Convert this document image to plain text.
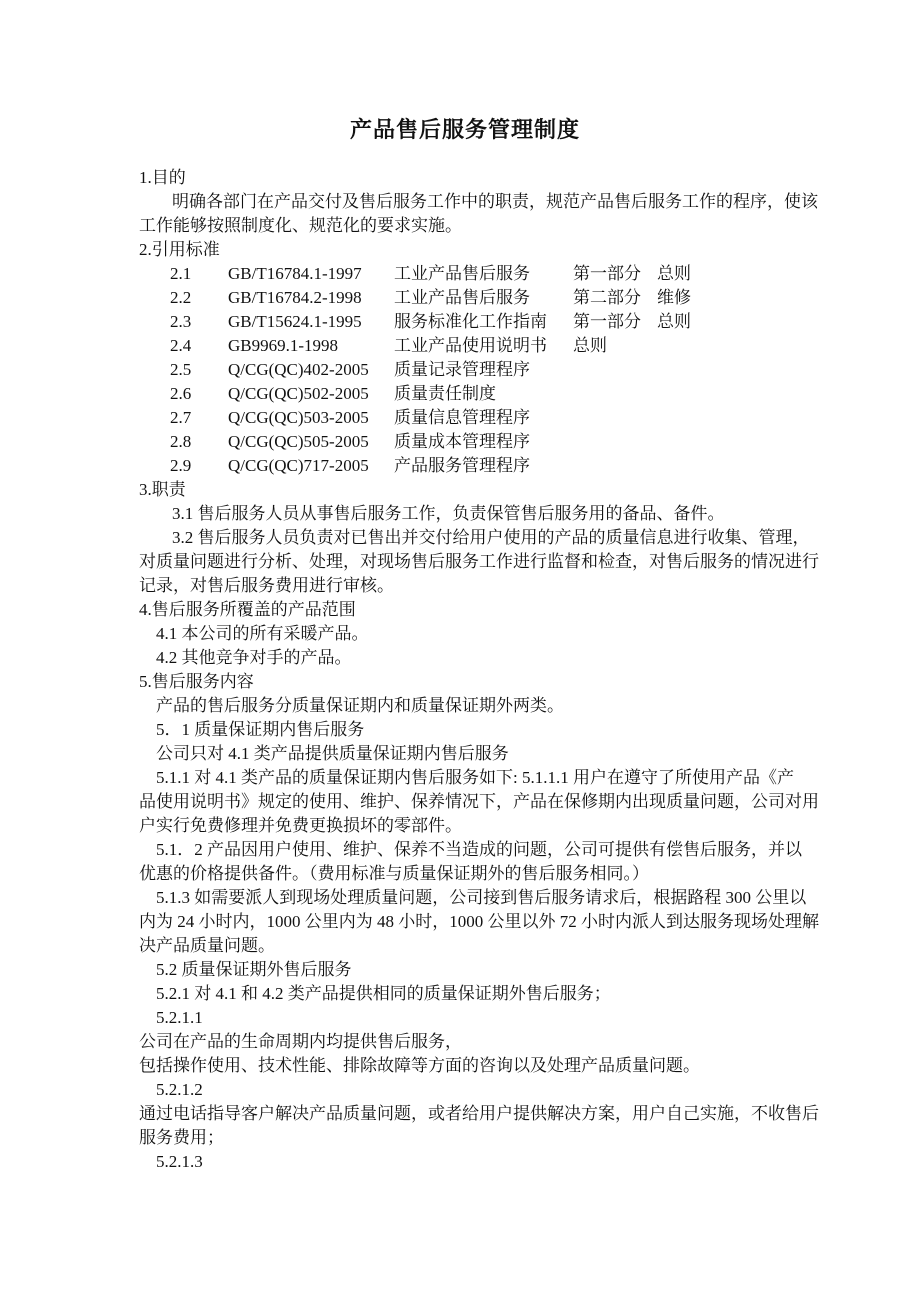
产品售后服务管理制度
1.目的
明确各部门在产品交付及售后服务工作中的职责，规范产品售后服务工作的程序，使该
工作能够按照制度化、规范化的要求实施。
2.引用标准
2.1 GB/T16784.1-1997 工业产品售后服务	第一部分 总则
2.2 GB/T16784.2-1998 工业产品售后服务	第二部分 维修
2.3 GB/T15624.1-1995 服务标准化工作指南 第一部分 总则
2.4 GB9969.1-1998	工业产品使用说明书 总则
2.5 Q/CG(QC)402-2005 质量记录管理程序
2.6 Q/CG(QC)502-2005 质量责任制度
2.7 Q/CG(QC)503-2005 质量信息管理程序
2.8 Q/CG(QC)505-2005 质量成本管理程序
2.9 Q/CG(QC)717-2005 产品服务管理程序
3.职责
3.1 售后服务人员从事售后服务工作，负责保管售后服务用的备品、备件。
3.2 售后服务人员负责对已售出并交付给用户使用的产品的质量信息进行收集、管理，
对质量问题进行分析、处理，对现场售后服务工作进行监督和检查，对售后服务的情况进行
记录，对售后服务费用进行审核。
4.售后服务所覆盖的产品范围
4.1 本公司的所有采暖产品。
4.2 其他竞争对手的产品。
5.售后服务内容
产品的售后服务分质量保证期内和质量保证期外两类。
5．1 质量保证期内售后服务
公司只对 4.1 类产品提供质量保证期内售后服务
5.1.1 对 4.1 类产品的质量保证期内售后服务如下: 5.1.1.1 用户在遵守了所使用产品《产
品使用说明书》规定的使用、维护、保养情况下，产品在保修期内出现质量问题，公司对用
户实行免费修理并免费更换损坏的零部件。
5.1．2 产品因用户使用、维护、保养不当造成的问题，公司可提供有偿售后服务，并以
优惠的价格提供备件。（费用标准与质量保证期外的售后服务相同。）
5.1.3 如需要派人到现场处理质量问题，公司接到售后服务请求后，根据路程 300 公里以
内为 24 小时内，1000 公里内为 48 小时，1000 公里以外 72 小时内派人到达服务现场处理解
决产品质量问题。
5.2 质量保证期外售后服务
5.2.1 对 4.1 和 4.2 类产品提供相同的质量保证期外售后服务；
5.2.1.1
公司在产品的生命周期内均提供售后服务，
包括操作使用、技术性能、排除故障等方面的咨询以及处理产品质量问题。
5.2.1.2
通过电话指导客户解决产品质量问题，或者给用户提供解决方案，用户自己实施，不收售后
服务费用；
5.2.1.3
